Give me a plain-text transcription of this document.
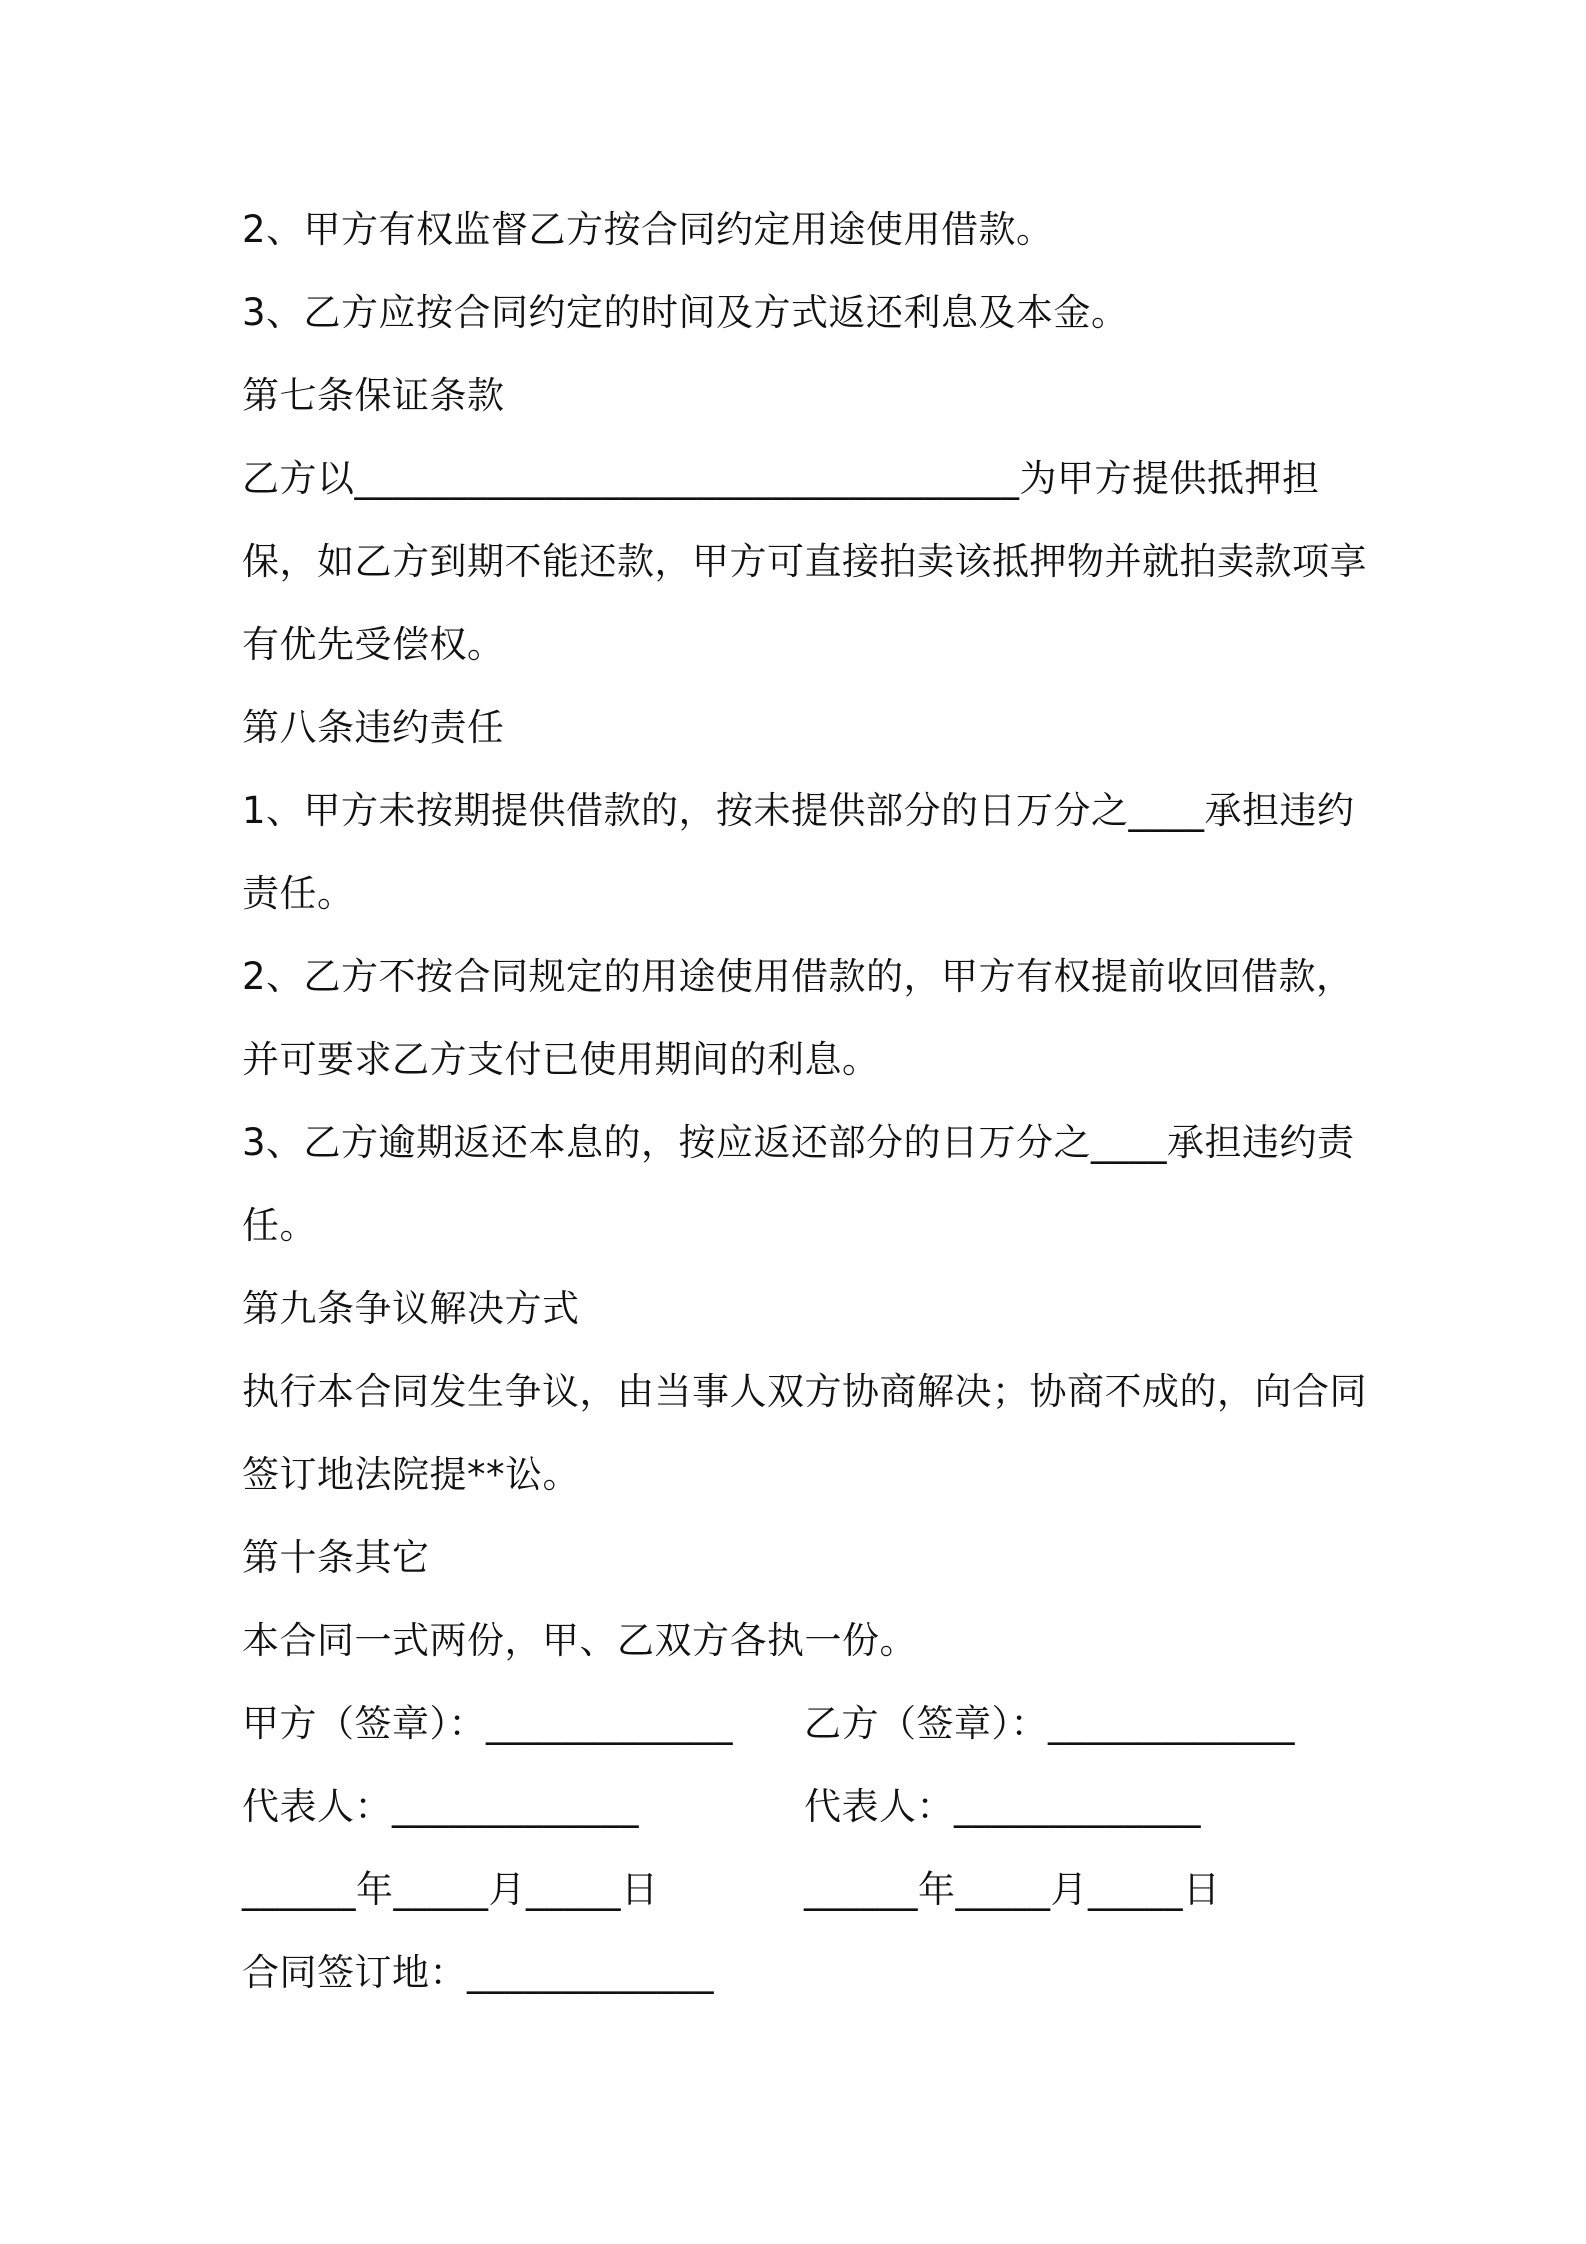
2、甲方有权监督乙方按合同约定用途使用借款。
3、乙方应按合同约定的时间及方式返还利息及本金。
第七条保证条款
乙方以___________________________________为甲方提供抵押担
保，如乙方到期不能还款，甲方可直接拍卖该抵押物并就拍卖款项享
有优先受偿权。
第八条违约责任
1、甲方未按期提供借款的，按未提供部分的日万分之____承担违约
责任。
2、乙方不按合同规定的用途使用借款的，甲方有权提前收回借款，
并可要求乙方支付已使用期间的利息。
3、乙方逾期返还本息的，按应返还部分的日万分之____承担违约责
任。
第九条争议解决方式
执行本合同发生争议，由当事人双方协商解决；协商不成的，向合同
签订地法院提**讼。
第十条其它
本合同一式两份，甲、乙双方各执一份。
甲方（签章）：_____________ 乙方（签章）：_____________
代表人：_____________	代表人：_____________
______年_____月_____日	______年_____月_____日
合同签订地：_____________
